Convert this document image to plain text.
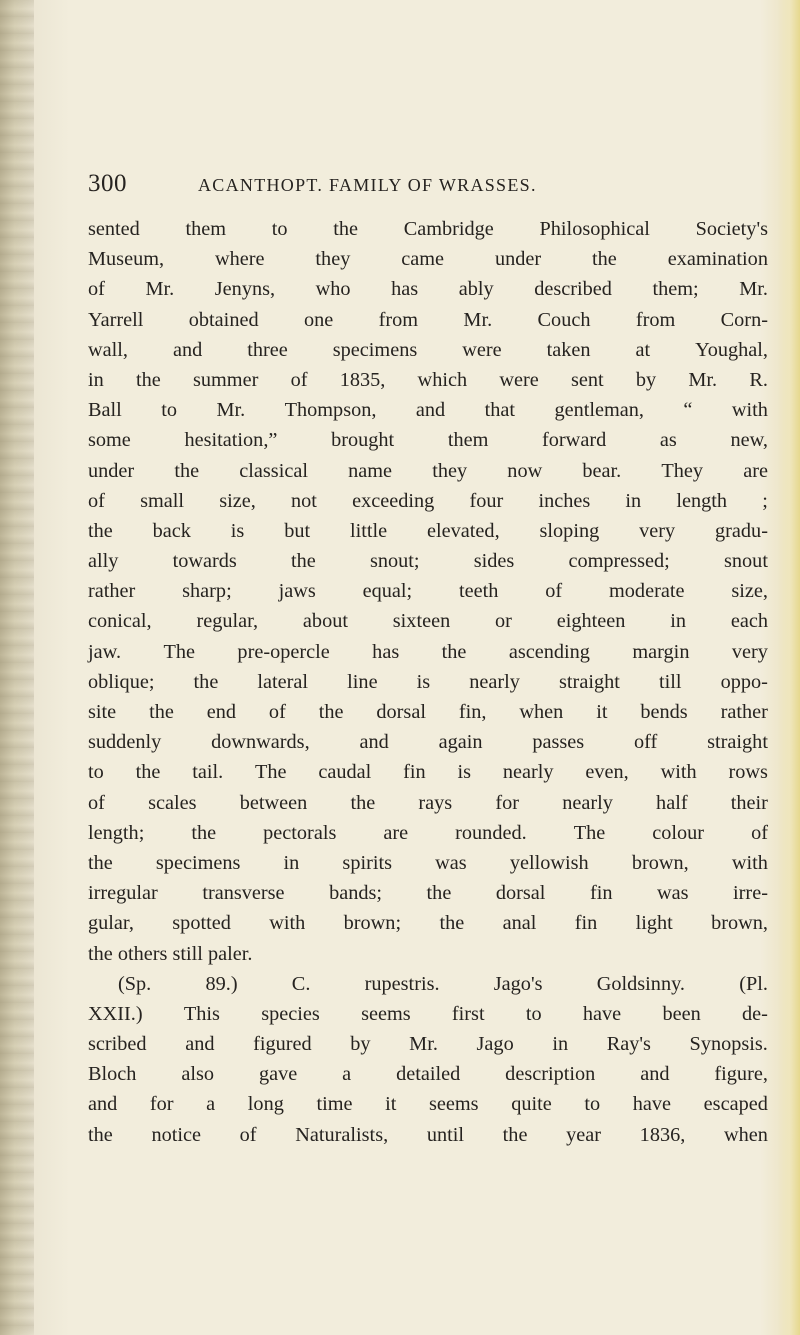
300	ACANTHOPT. FAMILY OF WRASSES.
sented them to the Cambridge Philosophical Society's
Museum,	where	they	came	under	the	examination
of Mr. Jenyns, who has ably described them; Mr.
Yarrell obtained one from Mr. Couch from Corn-
wall, and three specimens were taken at Youghal,
in the summer of 1835, which were sent by Mr. R.
Ball to Mr. Thompson, and that gentleman, “ with
some	hesitation,”	brought	them	forward	as	new,
under the classical name they now bear. They are
of small size, not exceeding four inches in length ;
the back is but little elevated, sloping very gradu-
ally	towards	the	snout;	sides	compressed;	snout
rather sharp; jaws equal; teeth of moderate size,
conical, regular, about sixteen or eighteen in each
jaw. The pre-opercle has the ascending margin very
oblique; the lateral line is nearly straight till oppo-
site the end of the dorsal fin, when it bends rather
suddenly downwards, and again passes off straight
to the tail. The caudal fin is nearly even, with rows
of scales between the rays for nearly half their
length; the pectorals are rounded. The colour of
the specimens in spirits was yellowish brown, with
irregular transverse bands; the dorsal fin was irre-
gular, spotted with brown; the anal fin light brown,
the others still paler.
(Sp.	89.)	C.	rupestris.	Jago's	Goldsinny.	(Pl.
XXII.) This species seems first to have been de-
scribed and figured by Mr. Jago in Ray's Synopsis.
Bloch also gave a detailed description and figure,
and for a long time it seems quite to have escaped
the notice of Naturalists, until the year 1836, when
